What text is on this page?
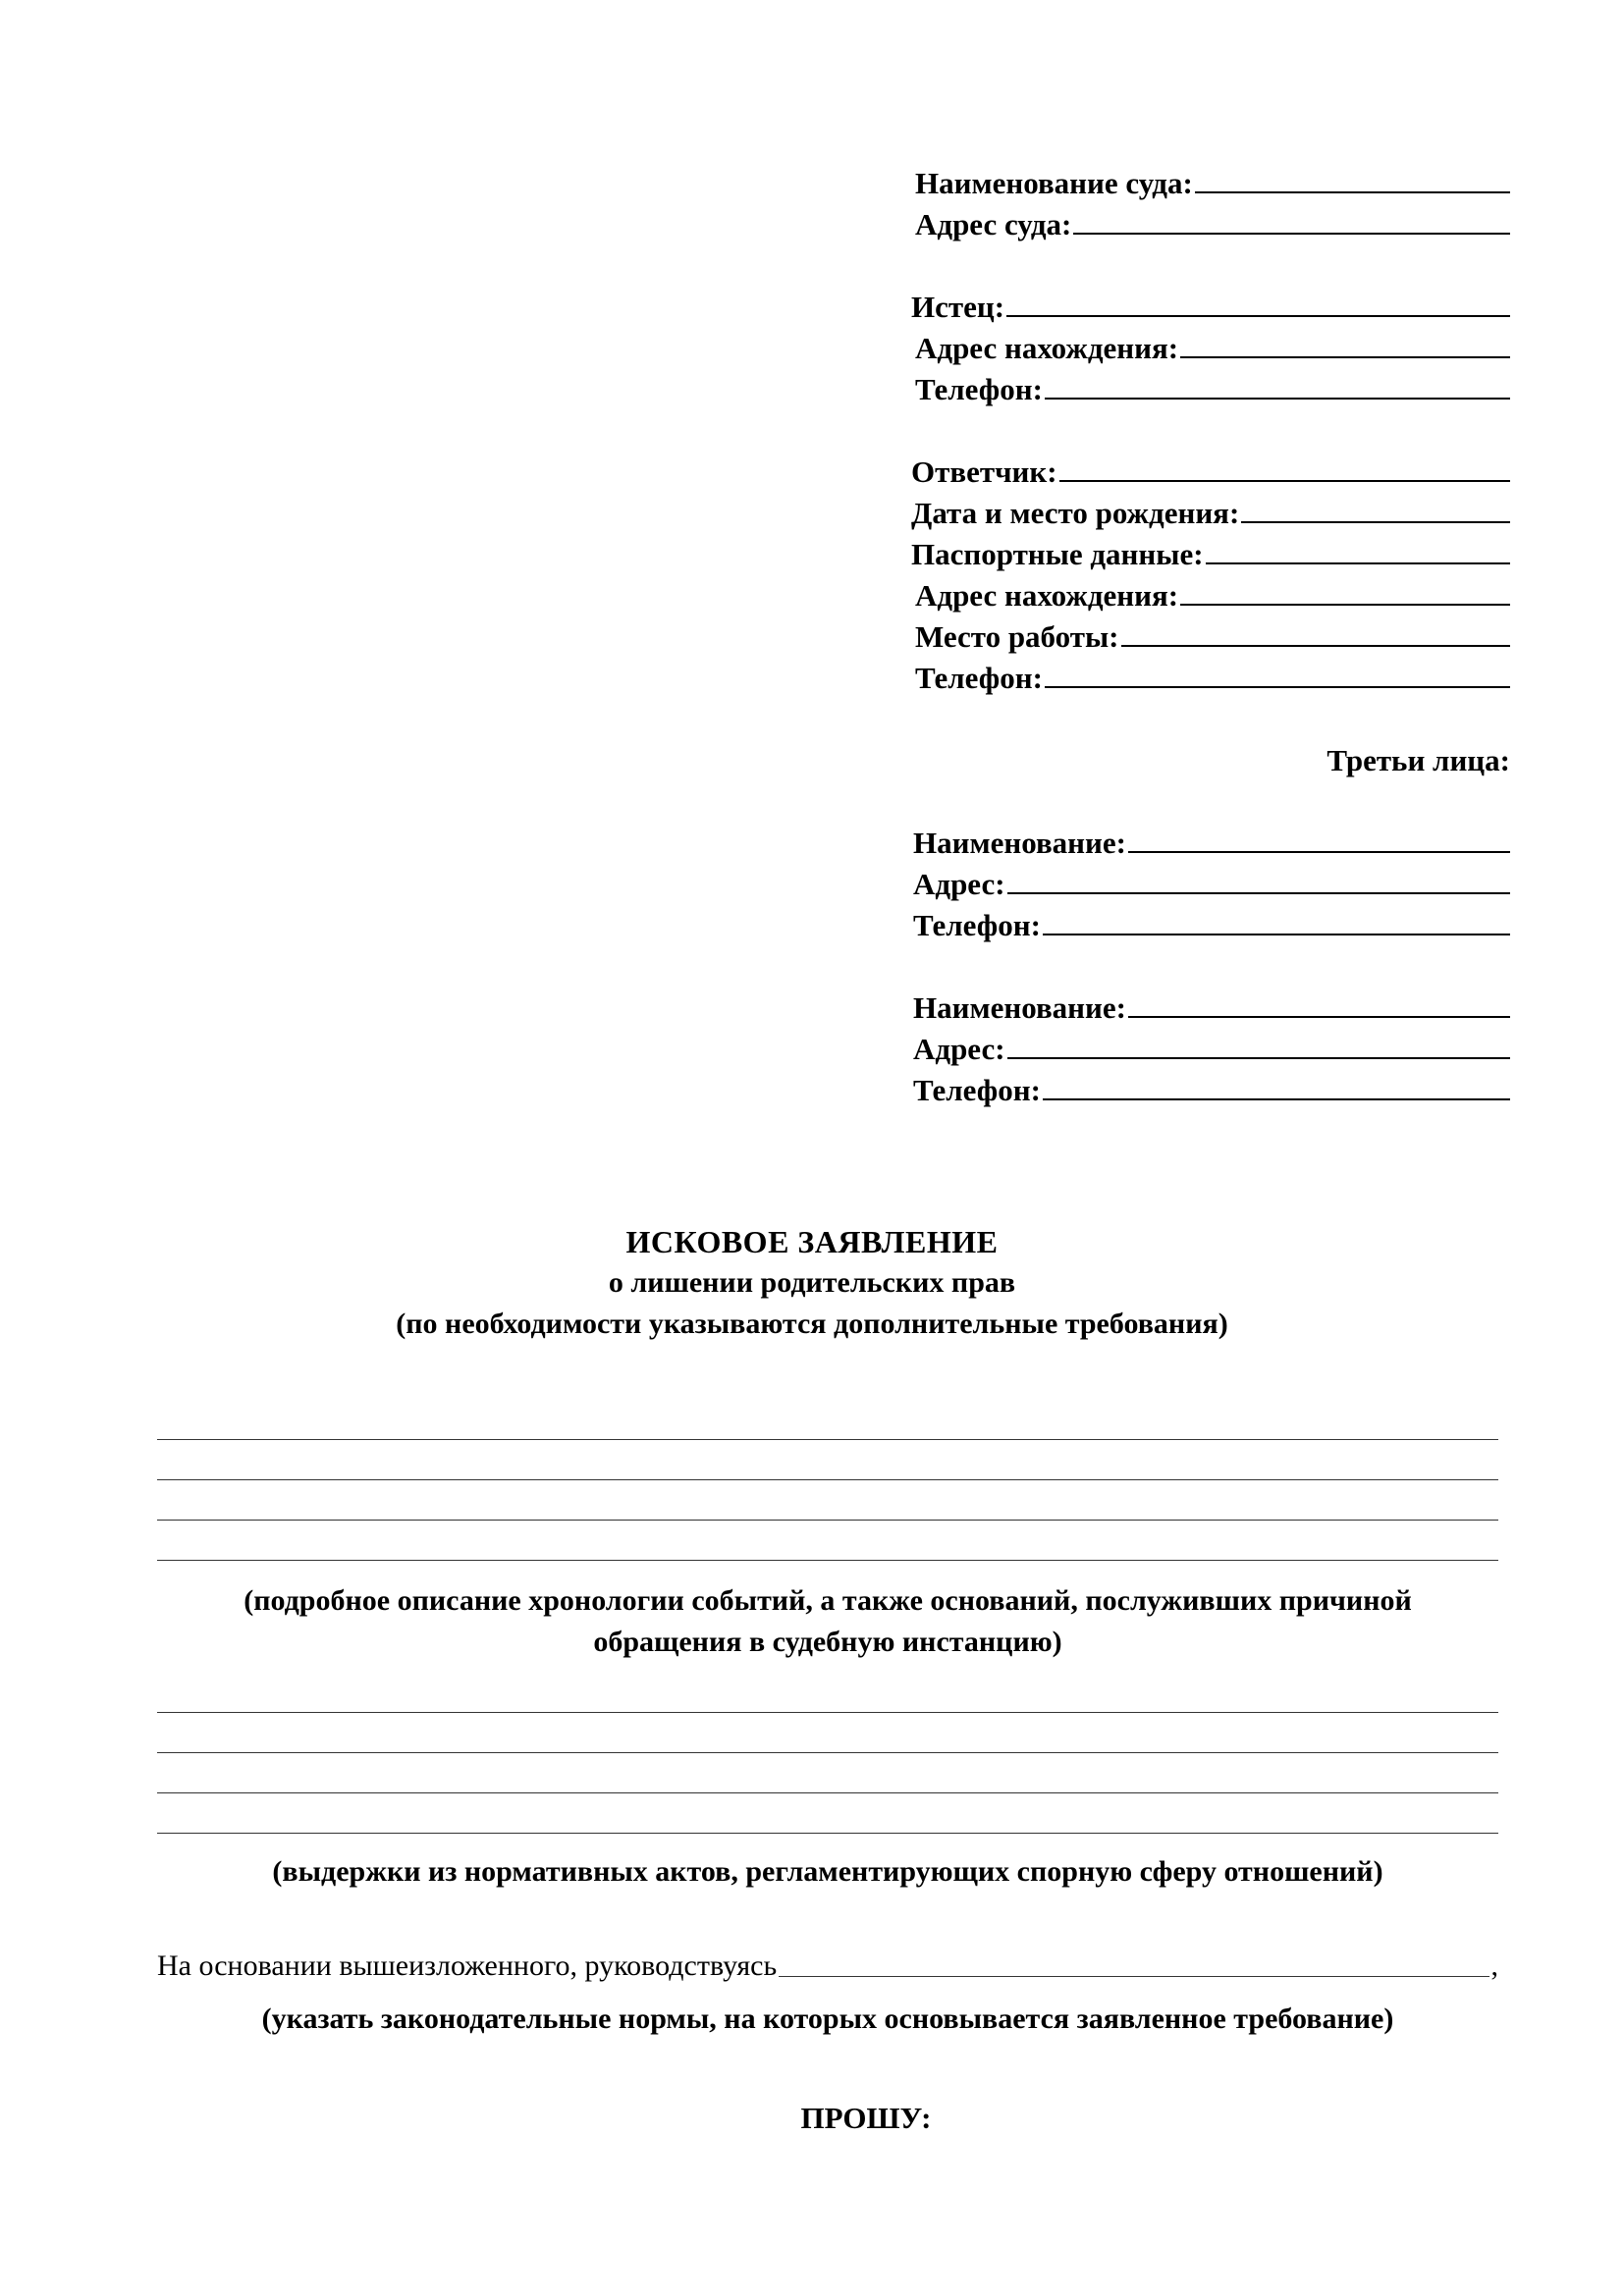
Наименование суда:
Адрес суда:
Истец:
Адрес нахождения:
Телефон:
Ответчик:
Дата и место рождения:
Паспортные данные:
Адрес нахождения:
Место работы:
Телефон:
Третьи лица:
Наименование:
Адрес:
Телефон:
Наименование:
Адрес:
Телефон:
ИСКОВОЕ ЗАЯВЛЕНИЕ
о лишении родительских прав
(по необходимости указываются дополнительные требования)
(подробное описание хронологии событий, а также оснований, послуживших причиной
обращения в судебную инстанцию)
(выдержки из нормативных актов, регламентирующих спорную сферу отношений)
На основании вышеизложенного, руководствуясь	,
(указать законодательные нормы, на которых основывается заявленное требование)
ПРОШУ:
